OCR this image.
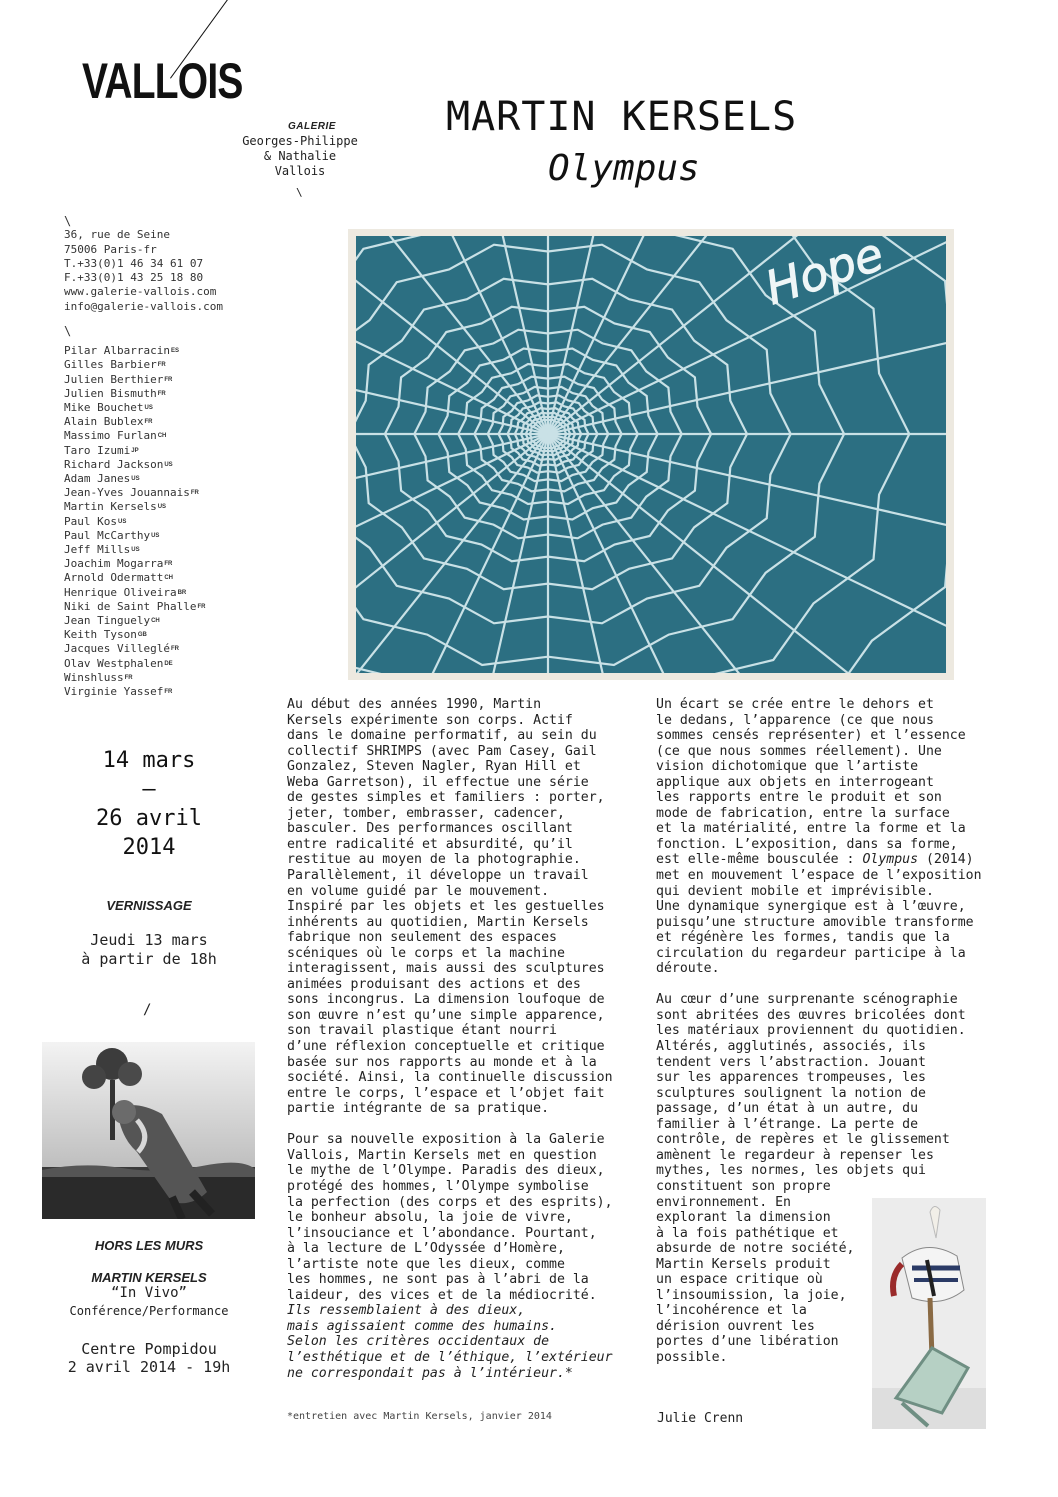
VALLOIS
GALERIE
Georges-Philippe
& Nathalie
Vallois
\
MARTIN KERSELS
Olympus
\
36, rue de Seine
75006 Paris-fr
T.+33(0)1 46 34 61 07
F.+33(0)1 43 25 18 80
www.galerie-vallois.com
info@galerie-vallois.com
\
Pilar Albarracin$^{ES}$
Gilles Barbier$^{FR}$
Julien Berthier$^{FR}$
Julien Bismuth$^{FR}$
Mike Bouchet$^{US}$
Alain Bublex$^{FR}$
Massimo Furlan$^{CH}$
Taro Izumi$^{JP}$
Richard Jackson$^{US}$
Adam Janes$^{US}$
Jean-Yves Jouannais$^{FR}$
Martin Kersels$^{US}$
Paul Kos$^{US}$
Paul McCarthy$^{US}$
Jeff Mills$^{US}$
Joachim Mogarra$^{FR}$
Arnold Odermatt$^{CH}$
Henrique Oliveira$^{BR}$
Niki de Saint Phalle$^{FR}$
Jean Tinguely$^{CH}$
Keith Tyson$^{GB}$
Jacques Villeglé$^{FR}$
Olav Westphalen$^{DE}$
Winshluss$^{FR}$
Virginie Yassef$^{FR}$
14 mars
—
26 avril
2014
VERNISSAGE
Jeudi 13 mars
à partir de 18h
/
Hope
HORS LES MURS
MARTIN KERSELS
“In Vivo”
Conférence/Performance
Centre Pompidou
2 avril 2014 - 19h
Au début des années 1990, Martin
Kersels expérimente son corps. Actif
dans le domaine performatif, au sein du
collectif SHRIMPS (avec Pam Casey, Gail
Gonzalez, Steven Nagler, Ryan Hill et
Weba Garretson), il effectue une série
de gestes simples et familiers : porter,
jeter, tomber, embrasser, cadencer,
basculer. Des performances oscillant
entre radicalité et absurdité, qu’il
restitue au moyen de la photographie.
Parallèlement, il développe un travail
en volume guidé par le mouvement.
Inspiré par les objets et les gestuelles
inhérents au quotidien, Martin Kersels
fabrique non seulement des espaces
scéniques où le corps et la machine
interagissent, mais aussi des sculptures
animées produisant des actions et des
sons incongrus. La dimension loufoque de
son œuvre n’est qu’une simple apparence,
son travail plastique étant nourri
d’une réflexion conceptuelle et critique
basée sur nos rapports au monde et à la
société. Ainsi, la continuelle discussion
entre le corps, l’espace et l’objet fait
partie intégrante de sa pratique.

Pour sa nouvelle exposition à la Galerie
Vallois, Martin Kersels met en question
le mythe de l’Olympe. Paradis des dieux,
protégé des hommes, l’Olympe symbolise
la perfection (des corps et des esprits),
le bonheur absolu, la joie de vivre,
l’insouciance et l’abondance. Pourtant,
à la lecture de L’Odyssée d’Homère,
l’artiste note que les dieux, comme
les hommes, ne sont pas à l’abri de la
laideur, des vices et de la médiocrité.
Ils ressemblaient à des dieux,
mais agissaient comme des humains.
Selon les critères occidentaux de
l’esthétique et de l’éthique, l’extérieur
ne correspondait pas à l’intérieur.*
Un écart se crée entre le dehors et
le dedans, l’apparence (ce que nous
sommes censés représenter) et l’essence
(ce que nous sommes réellement). Une
vision dichotomique que l’artiste
applique aux objets en interrogeant
les rapports entre le produit et son
mode de fabrication, entre la surface
et la matérialité, entre la forme et la
fonction. L’exposition, dans sa forme,
est elle-même bousculée : Olympus (2014)
met en mouvement l’espace de l’exposition
qui devient mobile et imprévisible.
Une dynamique synergique est à l’œuvre,
puisqu’une structure amovible transforme
et régénère les formes, tandis que la
circulation du regardeur participe à la
déroute.

Au cœur d’une surprenante scénographie
sont abritées des œuvres bricolées dont
les matériaux proviennent du quotidien.
Altérés, agglutinés, associés, ils
tendent vers l’abstraction. Jouant
sur les apparences trompeuses, les
sculptures soulignent la notion de
passage, d’un état à un autre, du
familier à l’étrange. La perte de
contrôle, de repères et le glissement
amènent le regardeur à repenser les
mythes, les normes, les objets qui
constituent son propre
environnement. En
explorant la dimension
à la fois pathétique et
absurde de notre société,
Martin Kersels produit
un espace critique où
l’insoumission, la joie,
l’incohérence et la
dérision ouvrent les
portes d’une libération
possible.
*entretien avec Martin Kersels, janvier 2014	Julie Crenn
